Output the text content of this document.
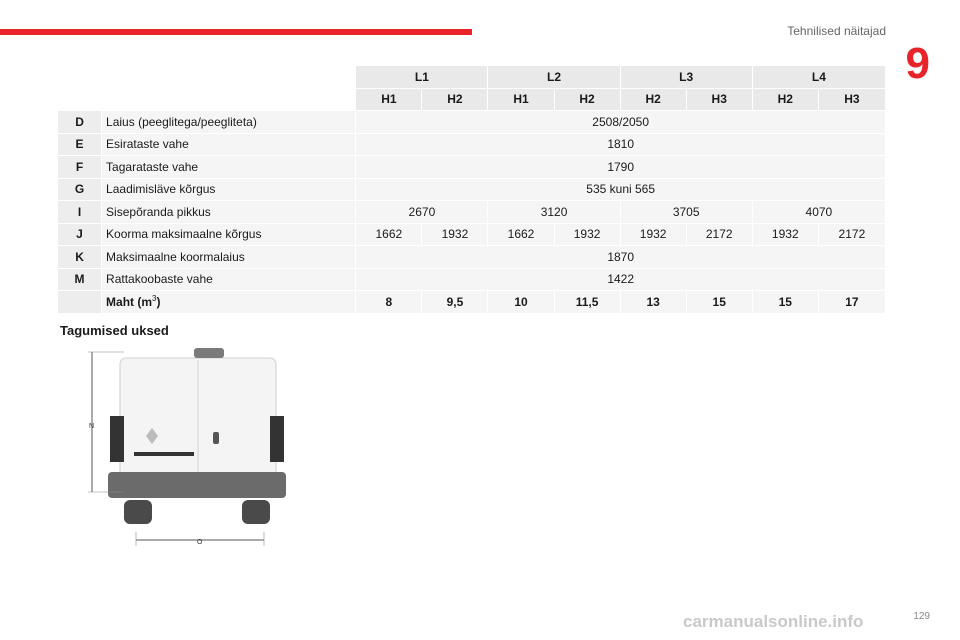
Tehnilised näitajad
9
		L1		L2		L3		L4	
		H1	H2	H1	H2	H2	H3	H2	H3
D	Laius (peeglitega/peegliteta)	2508/2050							
E	Esirataste vahe	1810							
F	Tagarataste vahe	1790							
G	Laadimisläve kõrgus	535 kuni 565							
I	Sisepõranda pikkus	2670		3120		3705		4070	
J	Koorma maksimaalne kõrgus	1662	1932	1662	1932	1932	2172	1932	2172
K	Maksimaalne koormalaius	1870							
M	Rattakoobaste vahe	1422							
	Maht $(m^3)$	8	9,5	10	11,5	13	15	15	17
Tagumised uksed
N
O
129
carmanualsonline.info
